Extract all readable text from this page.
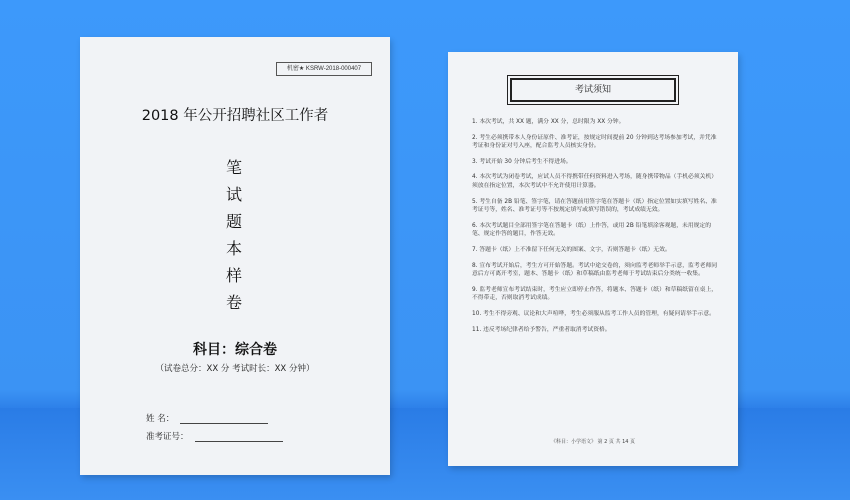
机密★ KSRW-2018-000407
2018 年公开招聘社区工作者
笔
试
题
本
样
卷
科目：综合卷
（试卷总分：XX 分 考试时长：XX 分钟）
姓 名：
准考证号：
考试须知
1. 本次考试，共 XX 题，满分 XX 分，总时限为 XX 分钟。
2. 考生必须携带本人身份证原件、准考证，按规定时间提前 20 分钟到达考场参加考试，并凭准考证和身份证对号入座，配合监考人员核实身份。
3. 考试开始 30 分钟后考生不得进场。
4. 本次考试为闭卷考试，应试人员不得携带任何资料进入考场，随身携带物品（手机必须关机）须放在指定位置，本次考试中不允许使用计算器。
5. 考生自备 2B 铅笔、签字笔，请在答题前用签字笔在答题卡（纸）指定位置如实填写姓名、准考证号等，姓名、准考证号等不按规定填写或填写错误的，考试成绩无效。
6. 本次考试题目全部用签字笔在答题卡（纸）上作答，或用 2B 铅笔填涂客观题，未用规定的笔、规定作答的题目，作答无效。
7. 答题卡（纸）上不准留下任何无关的图案、文字，否则答题卡（纸）无效。
8. 宣布考试开始后，考生方可开始答题。考试中途交卷的，须向监考老师举手示意，监考老师同意后方可离开考室，题本、答题卡（纸）和草稿纸由监考老师于考试结束后分类统一收集。
9. 监考老师宣布考试结束时，考生应立即停止作答，将题本、答题卡（纸）和草稿纸留在桌上，不得带走，否则取消考试成绩。
10. 考生不得旁观、议论和大声喧哗，考生必须服从监考工作人员的管理，有疑问请举手示意。
11. 违反考场纪律者给予警告，严重者取消考试资格。
《科目：小学语文》 第 2 页 共 14 页
